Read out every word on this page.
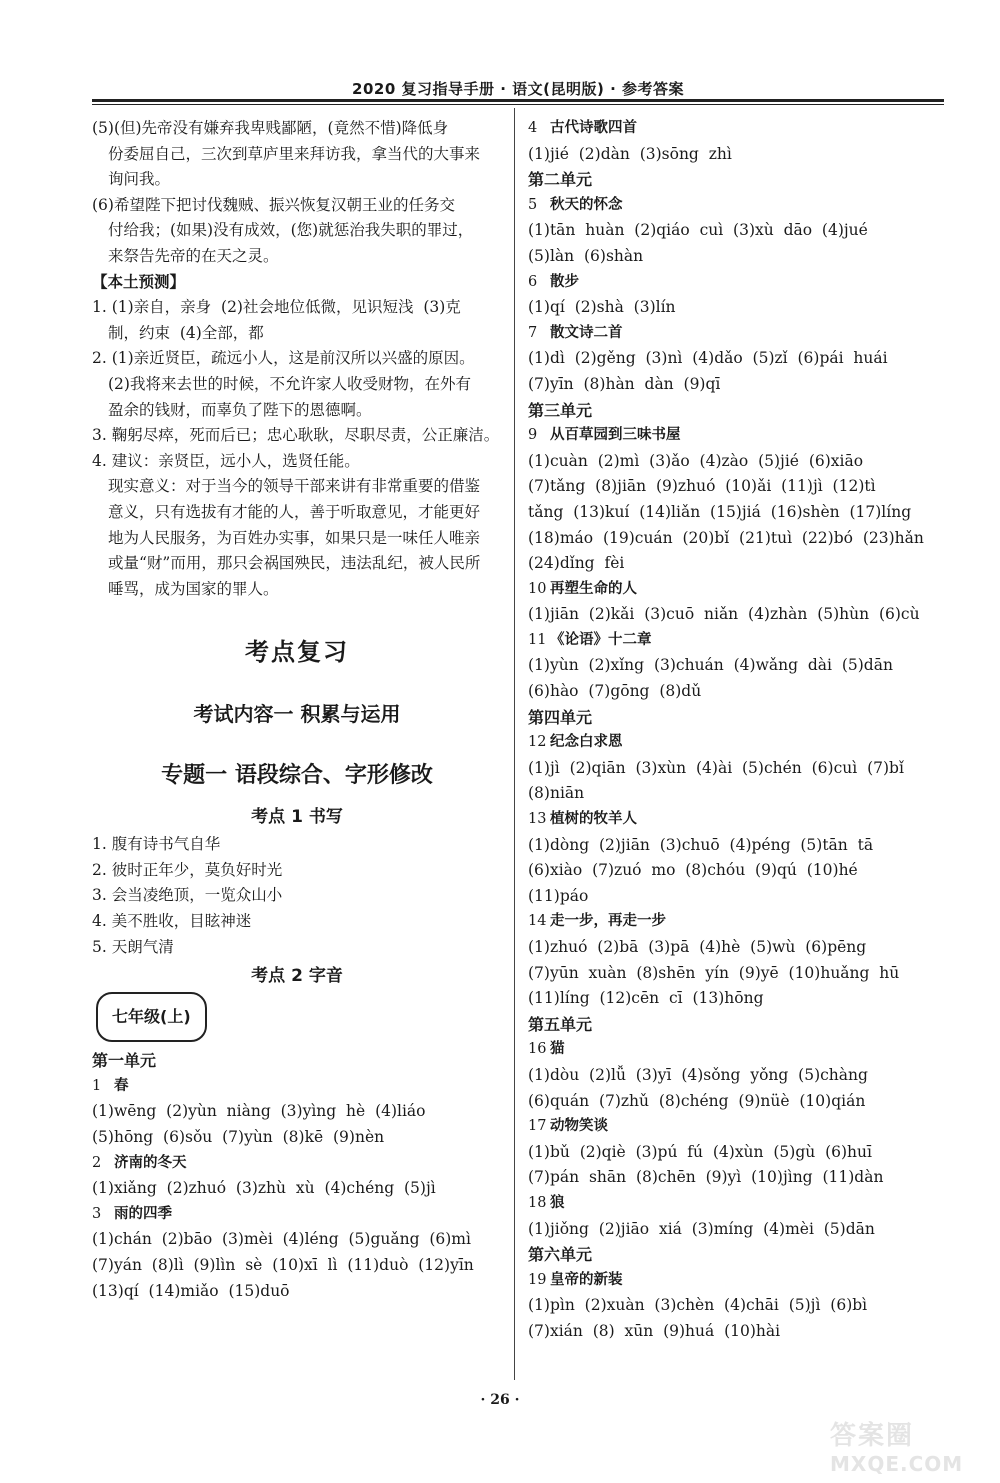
2020 复习指导手册 · 语文(昆明版) · 参考答案
(5)(但)先帝没有嫌弃我卑贱鄙陋，(竟然不惜)降低身
份委屈自己，三次到草庐里来拜访我，拿当代的大事来
询问我。
(6)希望陛下把讨伐魏贼、振兴恢复汉朝王业的任务交
付给我；(如果)没有成效，(您)就惩治我失职的罪过，
来祭告先帝的在天之灵。
【本土预测】
1. (1)亲自，亲身  (2)社会地位低微，见识短浅  (3)克
制，约束  (4)全部，都
2. (1)亲近贤臣，疏远小人，这是前汉所以兴盛的原因。
(2)我将来去世的时候，不允许家人收受财物，在外有
盈余的钱财，而辜负了陛下的恩德啊。
3. 鞠躬尽瘁，死而后已；忠心耿耿，尽职尽责，公正廉洁。
4. 建议：亲贤臣，远小人，选贤任能。
现实意义：对于当今的领导干部来讲有非常重要的借鉴
意义，只有选拔有才能的人，善于听取意见，才能更好
地为人民服务，为百姓办实事，如果只是一味任人唯亲
或量“财”而用，那只会祸国殃民，违法乱纪，被人民所
唾骂，成为国家的罪人。
考点复习
考试内容一 积累与运用
专题一 语段综合、字形修改
考点 1 书写
1. 腹有诗书气自华
2. 彼时正年少，莫负好时光
3. 会当凌绝顶，一览众山小
4. 美不胜收，目眩神迷
5. 天朗气清
考点 2 字音
七年级(上)
第一单元
1 春
(1)wēng  (2)yùn  niàng  (3)yìng  hè  (4)liáo
(5)hōng  (6)sǒu  (7)yùn  (8)kē  (9)nèn
2 济南的冬天
(1)xiǎng  (2)zhuó  (3)zhù  xù  (4)chéng  (5)jì
3 雨的四季
(1)chán  (2)bāo  (3)mèi  (4)léng  (5)guǎng  (6)mì
(7)yán  (8)lì  (9)lìn  sè  (10)xī  lì  (11)duò  (12)yīn
(13)qí  (14)miǎo  (15)duō
4 古代诗歌四首
(1)jié  (2)dàn  (3)sōng  zhì
第二单元
5 秋天的怀念
(1)tān  huàn  (2)qiáo  cuì  (3)xù  dāo  (4)jué
(5)làn  (6)shàn
6 散步
(1)qí  (2)shà  (3)lín
7 散文诗二首
(1)dì  (2)gěng  (3)nì  (4)dǎo  (5)zǐ  (6)pái  huái
(7)yīn  (8)hàn  dàn  (9)qī
第三单元
9 从百草园到三味书屋
(1)cuàn  (2)mì  (3)ǎo  (4)zào  (5)jié  (6)xiāo
(7)tǎng  (8)jiān  (9)zhuó  (10)ǎi  (11)jì  (12)tì
tǎng  (13)kuí  (14)liǎn  (15)jiá  (16)shèn  (17)líng
(18)máo  (19)cuán  (20)bǐ  (21)tuì  (22)bó  (23)hǎn
(24)dǐng  fèi
10 再塑生命的人
(1)jiān  (2)kǎi  (3)cuō  niǎn  (4)zhàn  (5)hùn  (6)cù
11 《论语》十二章
(1)yùn  (2)xǐng  (3)chuán  (4)wǎng  dài  (5)dān
(6)hào  (7)gōng  (8)dǔ
第四单元
12 纪念白求恩
(1)jì  (2)qiān  (3)xùn  (4)ài  (5)chén  (6)cuì  (7)bǐ
(8)niān
13 植树的牧羊人
(1)dòng  (2)jiān  (3)chuō  (4)péng  (5)tān  tā
(6)xiào  (7)zuó  mo  (8)chóu  (9)qú  (10)hé
(11)páo
14 走一步，再走一步
(1)zhuó  (2)bā  (3)pā  (4)hè  (5)wù  (6)pēng
(7)yūn  xuàn  (8)shēn  yín  (9)yē  (10)huǎng  hū
(11)líng  (12)cēn  cī  (13)hōng
第五单元
16 猫
(1)dòu  (2)lǚ  (3)yī  (4)sǒng  yǒng  (5)chàng
(6)quán  (7)zhǔ  (8)chéng  (9)nüè  (10)qián
17 动物笑谈
(1)bǔ  (2)qiè  (3)pú  fú  (4)xùn  (5)gù  (6)huī
(7)pán  shān  (8)chēn  (9)yì  (10)jìng  (11)dàn
18 狼
(1)jiǒng  (2)jiāo  xiá  (3)míng  (4)mèi  (5)dān
第六单元
19 皇帝的新装
(1)pìn  (2)xuàn  (3)chèn  (4)chāi  (5)jì  (6)bì
(7)xián  (8)  xūn  (9)huá  (10)hài
· 26 ·
答案圈
MXQE.COM
